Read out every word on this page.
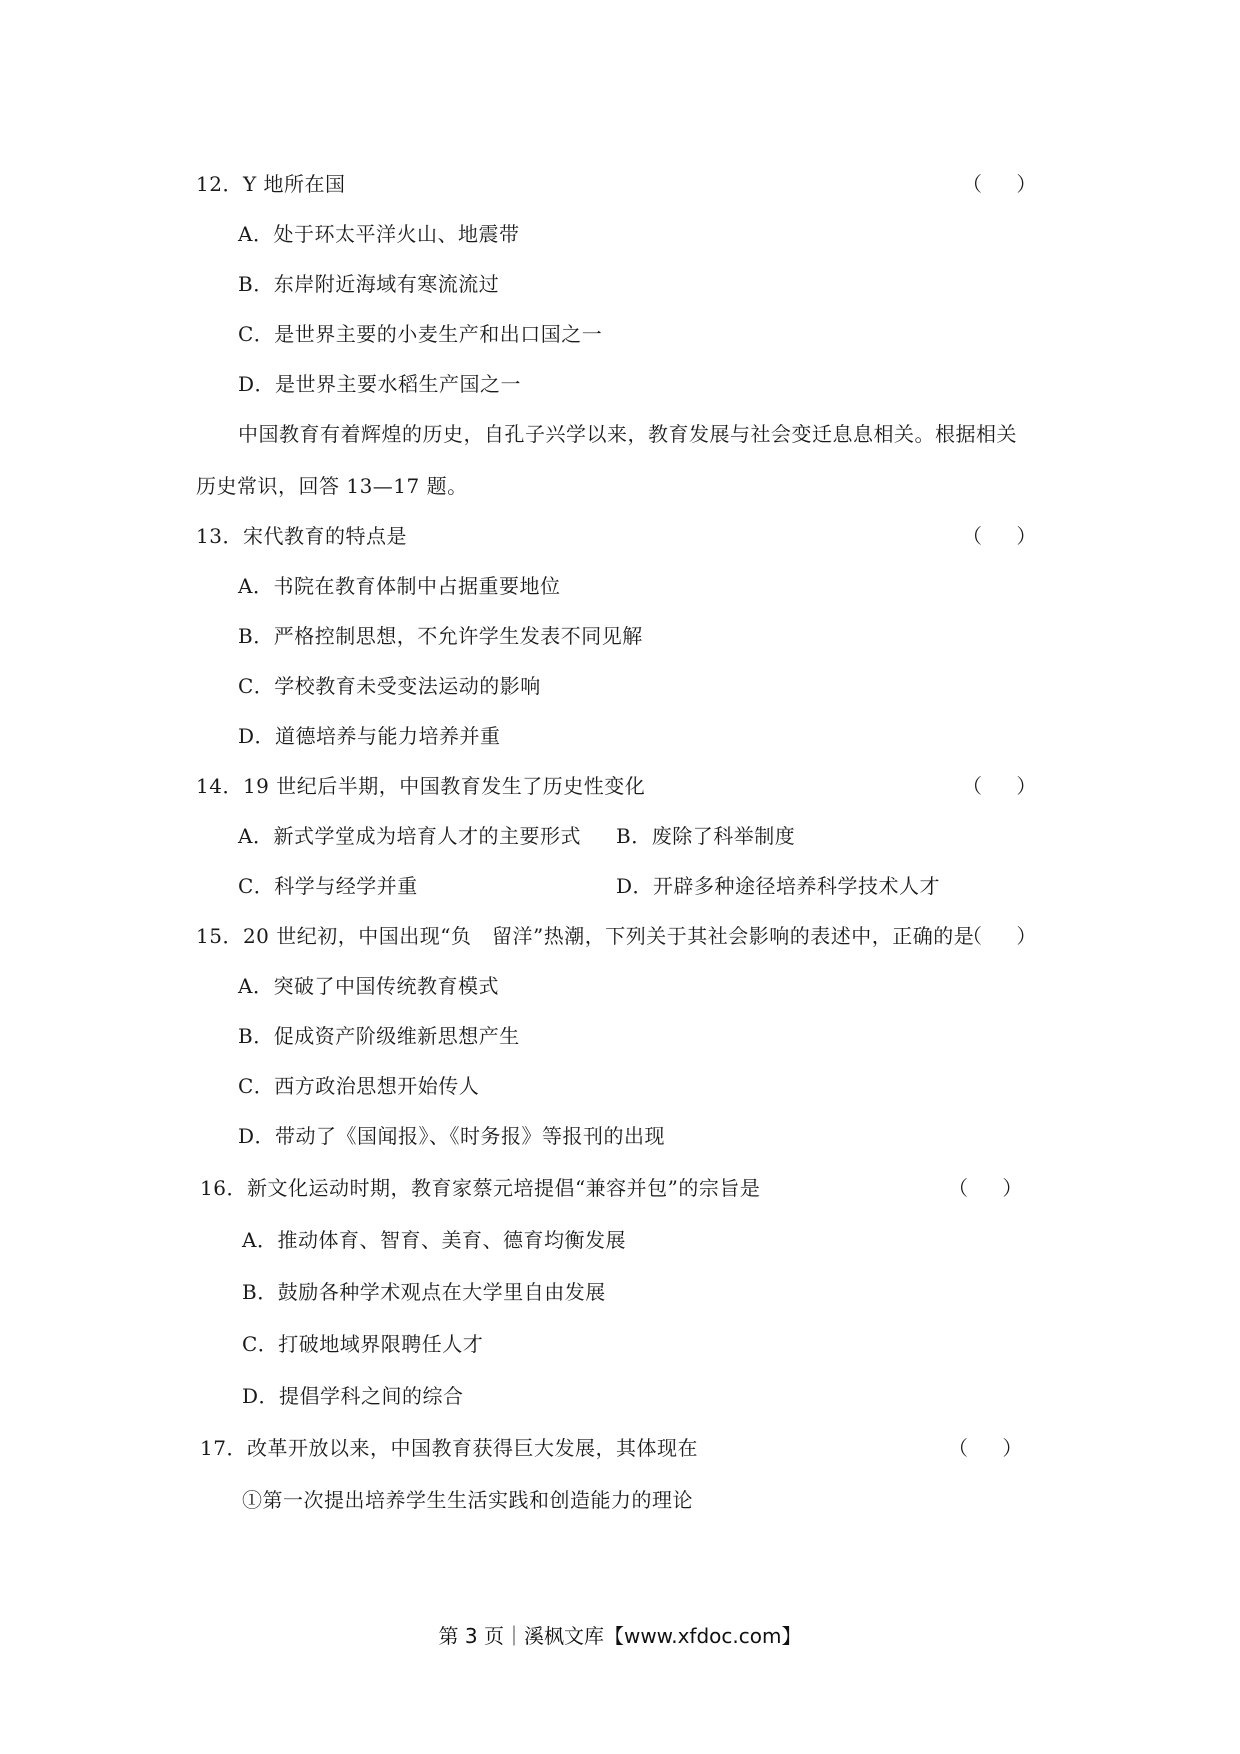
12．Y 地所在国	（ ）
A．处于环太平洋火山、地震带
B．东岸附近海域有寒流流过
C．是世界主要的小麦生产和出口国之一
D．是世界主要水稻生产国之一
中国教育有着辉煌的历史，自孔子兴学以来，教育发展与社会变迁息息相关。根据相关
历史常识，回答 13—17 题。
13．宋代教育的特点是	（ ）
A．书院在教育体制中占据重要地位
B．严格控制思想，不允许学生发表不同见解
C．学校教育未受变法运动的影响
D．道德培养与能力培养并重
14．19 世纪后半期，中国教育发生了历史性变化	（ ）
A．新式学堂成为培育人才的主要形式 B．废除了科举制度
C．科学与经学并重	D．开辟多种途径培养科学技术人才
15．20 世纪初，中国出现“负　留洋”热潮，下列关于其社会影响的表述中，正确的是
（ ）
A．突破了中国传统教育模式
B．促成资产阶级维新思想产生
C．西方政治思想开始传人
D．带动了《国闻报》、《时务报》等报刊的出现
16．新文化运动时期，教育家蔡元培提倡“兼容并包”的宗旨是	（ ）
A．推动体育、智育、美育、德育均衡发展
B．鼓励各种学术观点在大学里自由发展
C．打破地域界限聘任人才
D．提倡学科之间的综合
17．改革开放以来，中国教育获得巨大发展，其体现在	（ ）
①第一次提出培养学生生活实践和创造能力的理论
第 3 页｜溪枫文库【www.xfdoc.com】
